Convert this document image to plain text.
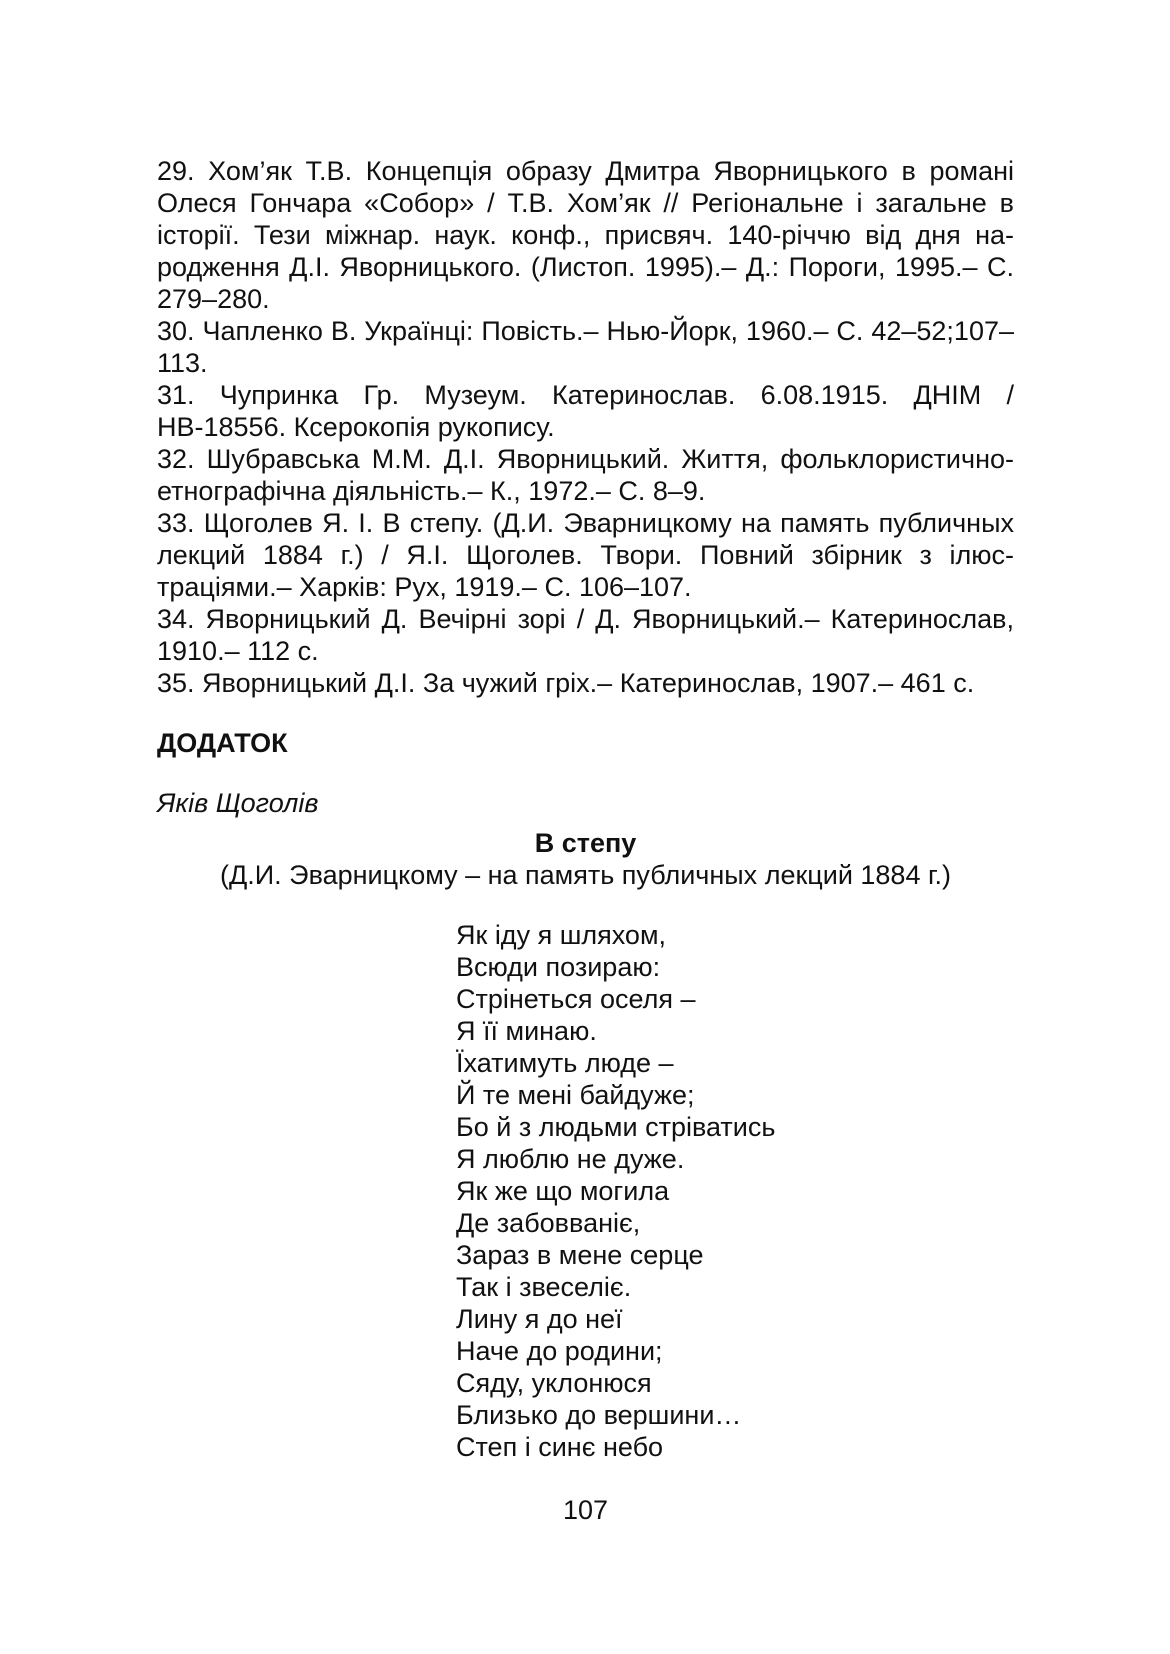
29. Хом’як Т.В. Концепція образу Дмитра Яворницького в романі Олеся Гончара «Собор» / Т.В. Хом’як // Регіональне і загальне в історії. Тези міжнар. наук. конф., присвяч. 140-річчю від дня народження Д.І. Яворницького. (Листоп. 1995).– Д.: Пороги, 1995.– С. 279–280.
30. Чапленко В. Українці: Повість.– Нью-Йорк, 1960.– С. 42–52;107–113.
31. Чупринка Гр. Музеум. Катеринослав. 6.08.1915. ДНІМ / НВ-18556. Ксерокопія рукопису.
32. Шубравська М.М. Д.І. Яворницький. Життя, фольклористично-етнографічна діяльність.– К., 1972.– С. 8–9.
33. Щоголев Я. І. В степу. (Д.И. Эварницкому на память публичных лекций 1884 г.) / Я.І. Щоголев. Твори. Повний збірник з ілюстраціями.– Харків: Рух, 1919.– С. 106–107.
34. Яворницький Д. Вечірні зорі / Д. Яворницький.– Катеринослав, 1910.– 112 с.
35. Яворницький Д.І. За чужий гріх.– Катеринослав, 1907.– 461 с.
ДОДАТОК

Яків Щоголів

В степу

(Д.И. Эварницкому – на память публичных лекций 1884 г.)

Як іду я шляхом,
Всюди позираю:
Стрінеться оселя –
Я її минаю.
Їхатимуть люде –
Й те мені байдуже;
Бо й з людьми стріватись
Я люблю не дуже.
Як же що могила
Де забовваніє,
Зараз в мене серце
Так і звеселіє.
Лину я до неї
Наче до родини;
Сяду, уклонюся
Близько до вершини…
Степ і синє небо
107
